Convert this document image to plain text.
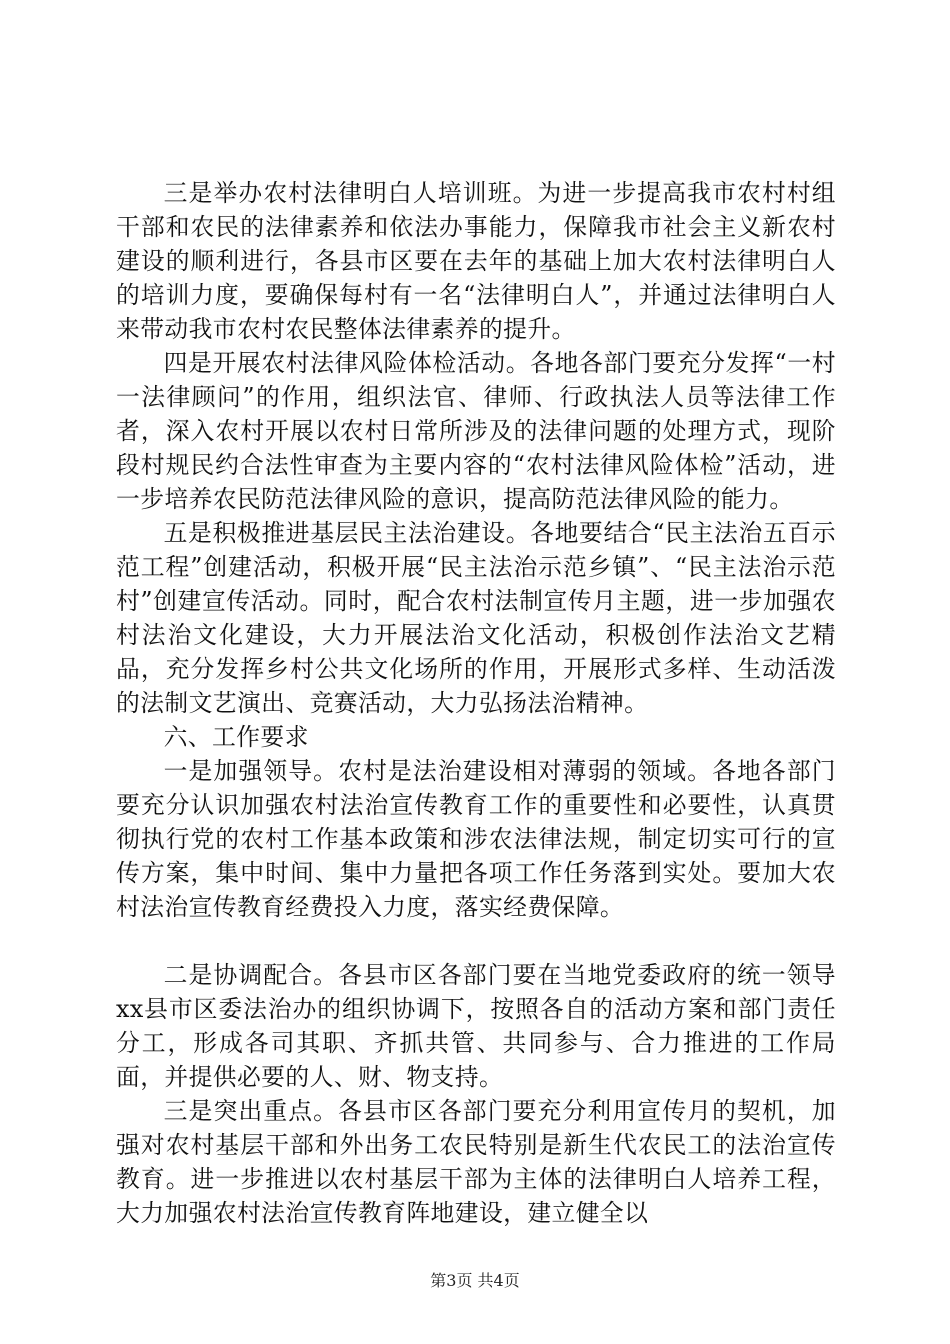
三是举办农村法律明白人培训班。为进一步提高我市农村村组干部和农民的法律素养和依法办事能力，保障我市社会主义新农村建设的顺利进行，各县市区要在去年的基础上加大农村法律明白人的培训力度，要确保每村有一名“法律明白人”，并通过法律明白人来带动我市农村农民整体法律素养的提升。

四是开展农村法律风险体检活动。各地各部门要充分发挥“一村一法律顾问”的作用，组织法官、律师、行政执法人员等法律工作者，深入农村开展以农村日常所涉及的法律问题的处理方式，现阶段村规民约合法性审查为主要内容的“农村法律风险体检”活动，进一步培养农民防范法律风险的意识，提高防范法律风险的能力。

五是积极推进基层民主法治建设。各地要结合“民主法治五百示范工程”创建活动，积极开展“民主法治示范乡镇”、“民主法治示范村”创建宣传活动。同时，配合农村法制宣传月主题，进一步加强农村法治文化建设，大力开展法治文化活动，积极创作法治文艺精品，充分发挥乡村公共文化场所的作用，开展形式多样、生动活泼的法制文艺演出、竞赛活动，大力弘扬法治精神。

六、工作要求

一是加强领导。农村是法治建设相对薄弱的领域。各地各部门要充分认识加强农村法治宣传教育工作的重要性和必要性，认真贯彻执行党的农村工作基本政策和涉农法律法规，制定切实可行的宣传方案，集中时间、集中力量把各项工作任务落到实处。要加大农村法治宣传教育经费投入力度，落实经费保障。

二是协调配合。各县市区各部门要在当地党委政府的统一领导xx县市区委法治办的组织协调下，按照各自的活动方案和部门责任分工，形成各司其职、齐抓共管、共同参与、合力推进的工作局面，并提供必要的人、财、物支持。

三是突出重点。各县市区各部门要充分利用宣传月的契机，加强对农村基层干部和外出务工农民特别是新生代农民工的法治宣传教育。进一步推进以农村基层干部为主体的法律明白人培养工程，大力加强农村法治宣传教育阵地建设，建立健全以

第3页 共4页
